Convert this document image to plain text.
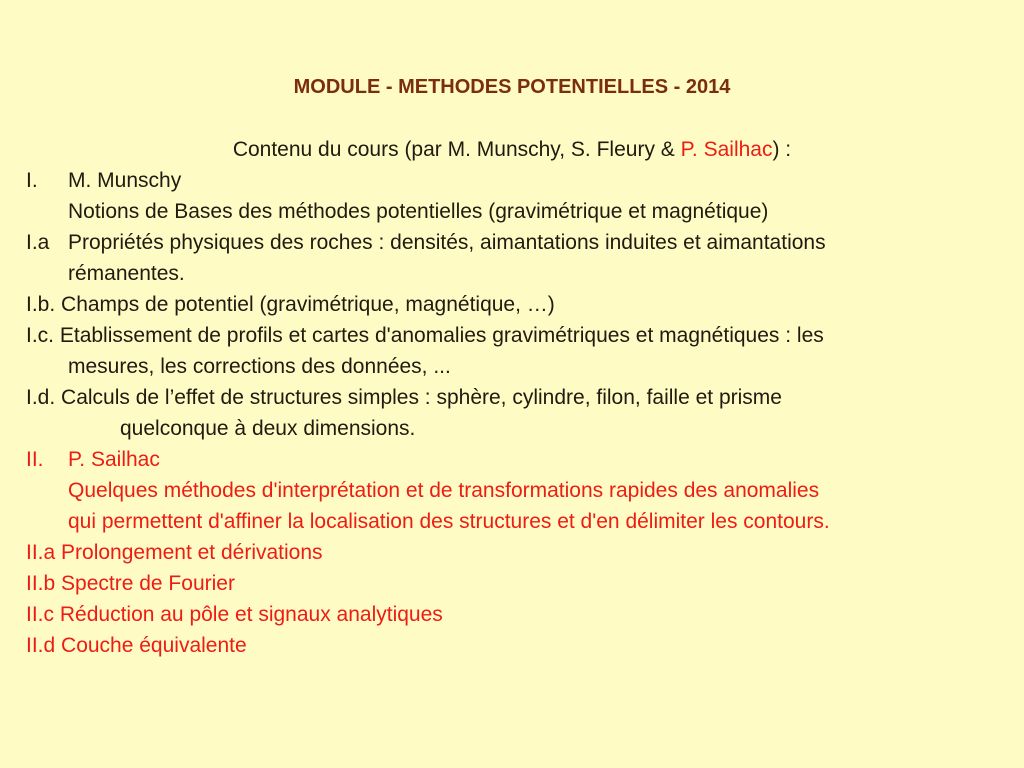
MODULE - METHODES POTENTIELLES - 2014
Contenu du cours (par M. Munschy, S. Fleury & P. Sailhac) :
I. M. Munschy
Notions de Bases des méthodes potentielles (gravimétrique et magnétique)
I.a Propriétés physiques des roches : densités, aimantations induites et aimantations
rémanentes.
I.b. Champs de potentiel (gravimétrique, magnétique, …)
I.c. Etablissement de profils et cartes d'anomalies gravimétriques et magnétiques : les
mesures, les corrections des données, ...
I.d. Calculs de l’effet de structures simples : sphère, cylindre, filon, faille et prisme
quelconque à deux dimensions.
II. P. Sailhac
Quelques méthodes d'interprétation et de transformations rapides des anomalies
qui permettent d'affiner la localisation des structures et d'en délimiter les contours.
II.a Prolongement et dérivations
II.b Spectre de Fourier
II.c Réduction au pôle et signaux analytiques
II.d Couche équivalente
